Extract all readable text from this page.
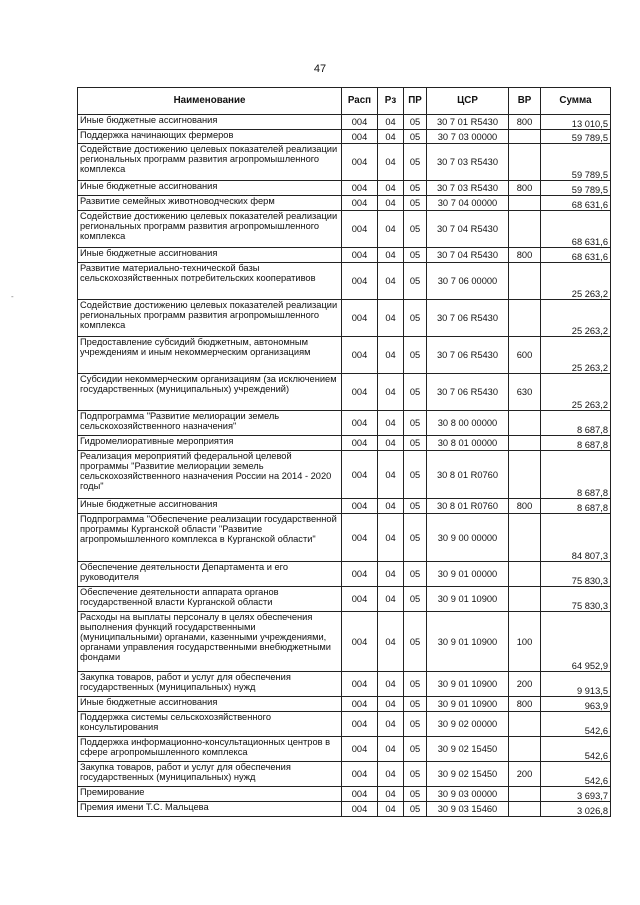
47
-
Наименование	Расп	Рз	ПР	ЦСР	ВР	Сумма
Иные бюджетные ассигнования	004	04	05	30 7 01 R5430	800	13 010,5
Поддержка начинающих фермеров	004	04	05	30 7 03 00000		59 789,5
Содействие достижению целевых показателей реализации региональных программ развития агропромышленного комплекса	004	04	05	30 7 03 R5430		59 789,5
Иные бюджетные ассигнования	004	04	05	30 7 03 R5430	800	59 789,5
Развитие семейных животноводческих ферм	004	04	05	30 7 04 00000		68 631,6
Содействие достижению целевых показателей реализации региональных программ развития агропромышленного комплекса	004	04	05	30 7 04 R5430		68 631,6
Иные бюджетные ассигнования	004	04	05	30 7 04 R5430	800	68 631,6
Развитие материально-технической базы сельскохозяйственных потребительских кооперативов	004	04	05	30 7 06 00000		25 263,2
Содействие достижению целевых показателей реализации региональных программ развития агропромышленного комплекса	004	04	05	30 7 06 R5430		25 263,2
Предоставление субсидий бюджетным, автономным учреждениям и иным некоммерческим организациям	004	04	05	30 7 06 R5430	600	25 263,2
Субсидии некоммерческим организациям (за исключением государственных (муниципальных) учреждений)	004	04	05	30 7 06 R5430	630	25 263,2
Подпрограмма "Развитие мелиорации земель сельскохозяйственного назначения"	004	04	05	30 8 00 00000		8 687,8
Гидромелиоративные мероприятия	004	04	05	30 8 01 00000		8 687,8
Реализация мероприятий федеральной целевой программы "Развитие мелиорации земель сельскохозяйственного назначения России на 2014 - 2020 годы"	004	04	05	30 8 01 R0760		8 687,8
Иные бюджетные ассигнования	004	04	05	30 8 01 R0760	800	8 687,8
Подпрограмма "Обеспечение реализации государственной программы Курганской области "Развитие агропромышленного комплекса в Курганской области"	004	04	05	30 9 00 00000		84 807,3
Обеспечение деятельности Департамента и его руководителя	004	04	05	30 9 01 00000		75 830,3
Обеспечение деятельности аппарата органов государственной власти Курганской области	004	04	05	30 9 01 10900		75 830,3
Расходы на выплаты персоналу в целях обеспечения выполнения функций государственными (муниципальными) органами, казенными учреждениями, органами управления государственными внебюджетными фондами	004	04	05	30 9 01 10900	100	64 952,9
Закупка товаров, работ и услуг для обеспечения государственных (муниципальных) нужд	004	04	05	30 9 01 10900	200	9 913,5
Иные бюджетные ассигнования	004	04	05	30 9 01 10900	800	963,9
Поддержка системы сельскохозяйственного консультирования	004	04	05	30 9 02 00000		542,6
Поддержка информационно-консультационных центров в сфере агропромышленного комплекса	004	04	05	30 9 02 15450		542,6
Закупка товаров, работ и услуг для обеспечения государственных (муниципальных) нужд	004	04	05	30 9 02 15450	200	542,6
Премирование	004	04	05	30 9 03 00000		3 693,7
Премия имени Т.С. Мальцева	004	04	05	30 9 03 15460		3 026,8
